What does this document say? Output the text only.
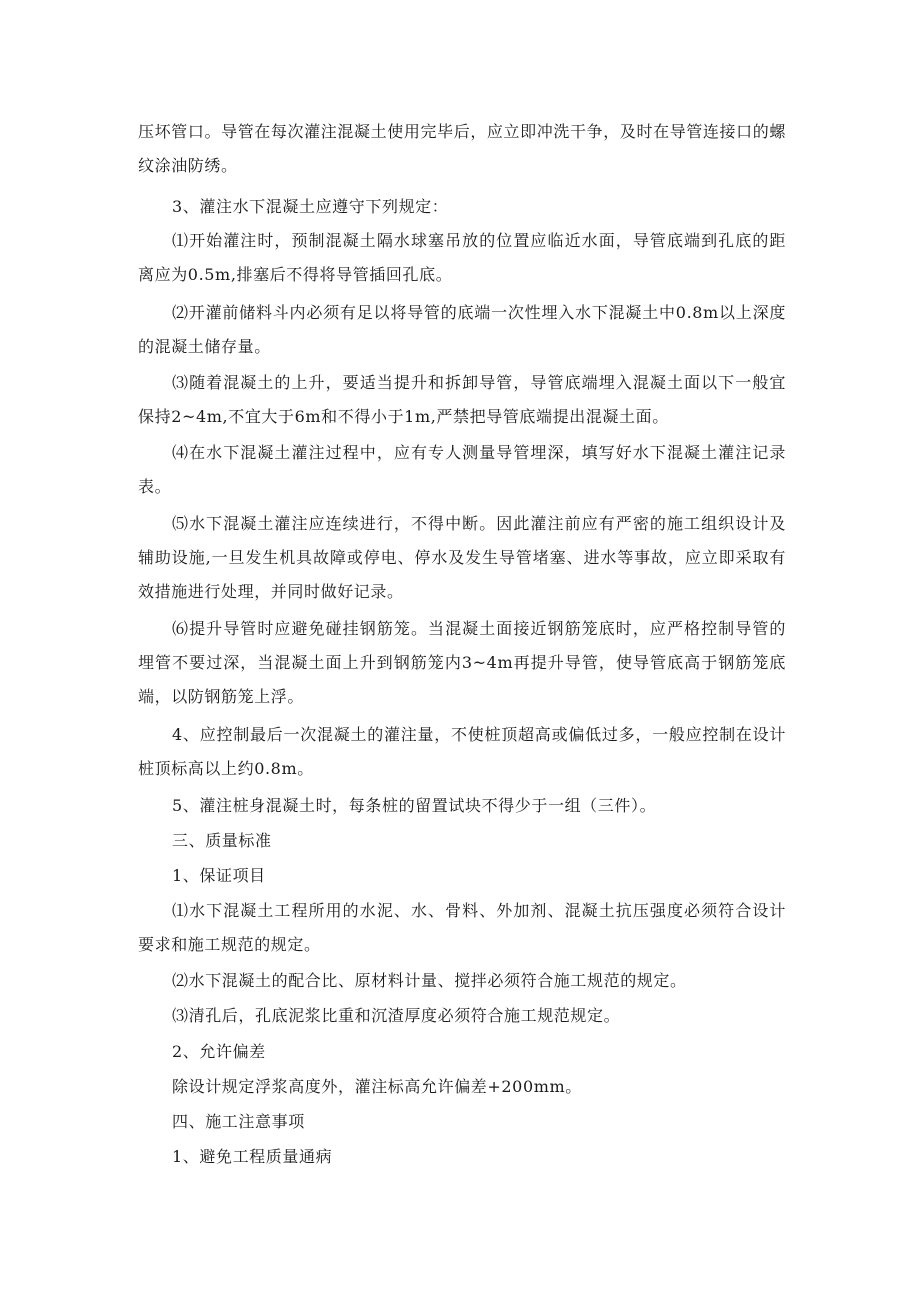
压坏管口。导管在每次灌注混凝土使用完毕后，应立即冲洗干争，及时在导管连接口的螺纹涂油防绣。

3、灌注水下混凝土应遵守下列规定：

⑴开始灌注时，预制混凝土隔水球塞吊放的位置应临近水面，导管底端到孔底的距离应为0.5m,排塞后不得将导管插回孔底。

⑵开灌前储料斗内必须有足以将导管的底端一次性埋入水下混凝土中0.8m以上深度的混凝土储存量。

⑶随着混凝土的上升，要适当提升和拆卸导管，导管底端埋入混凝土面以下一般宜保持2~4m,不宜大于6m和不得小于1m,严禁把导管底端提出混凝土面。

⑷在水下混凝土灌注过程中，应有专人测量导管埋深，填写好水下混凝土灌注记录表。

⑸水下混凝土灌注应连续进行，不得中断。因此灌注前应有严密的施工组织设计及辅助设施,一旦发生机具故障或停电、停水及发生导管堵塞、进水等事故，应立即采取有效措施进行处理，并同时做好记录。

⑹提升导管时应避免碰挂钢筋笼。当混凝土面接近钢筋笼底时，应严格控制导管的埋管不要过深，当混凝土面上升到钢筋笼内3~4m再提升导管，使导管底高于钢筋笼底端，以防钢筋笼上浮。

4、应控制最后一次混凝土的灌注量，不使桩顶超高或偏低过多，一般应控制在设计桩顶标高以上约0.8m。

5、灌注桩身混凝土时，每条桩的留置试块不得少于一组（三件）。

三、质量标准

1、保证项目

⑴水下混凝土工程所用的水泥、水、骨料、外加剂、混凝土抗压强度必须符合设计要求和施工规范的规定。

⑵水下混凝土的配合比、原材料计量、搅拌必须符合施工规范的规定。

⑶清孔后，孔底泥浆比重和沉渣厚度必须符合施工规范规定。

2、允许偏差

除设计规定浮浆高度外，灌注标高允许偏差+200mm。

四、施工注意事项

1、避免工程质量通病
